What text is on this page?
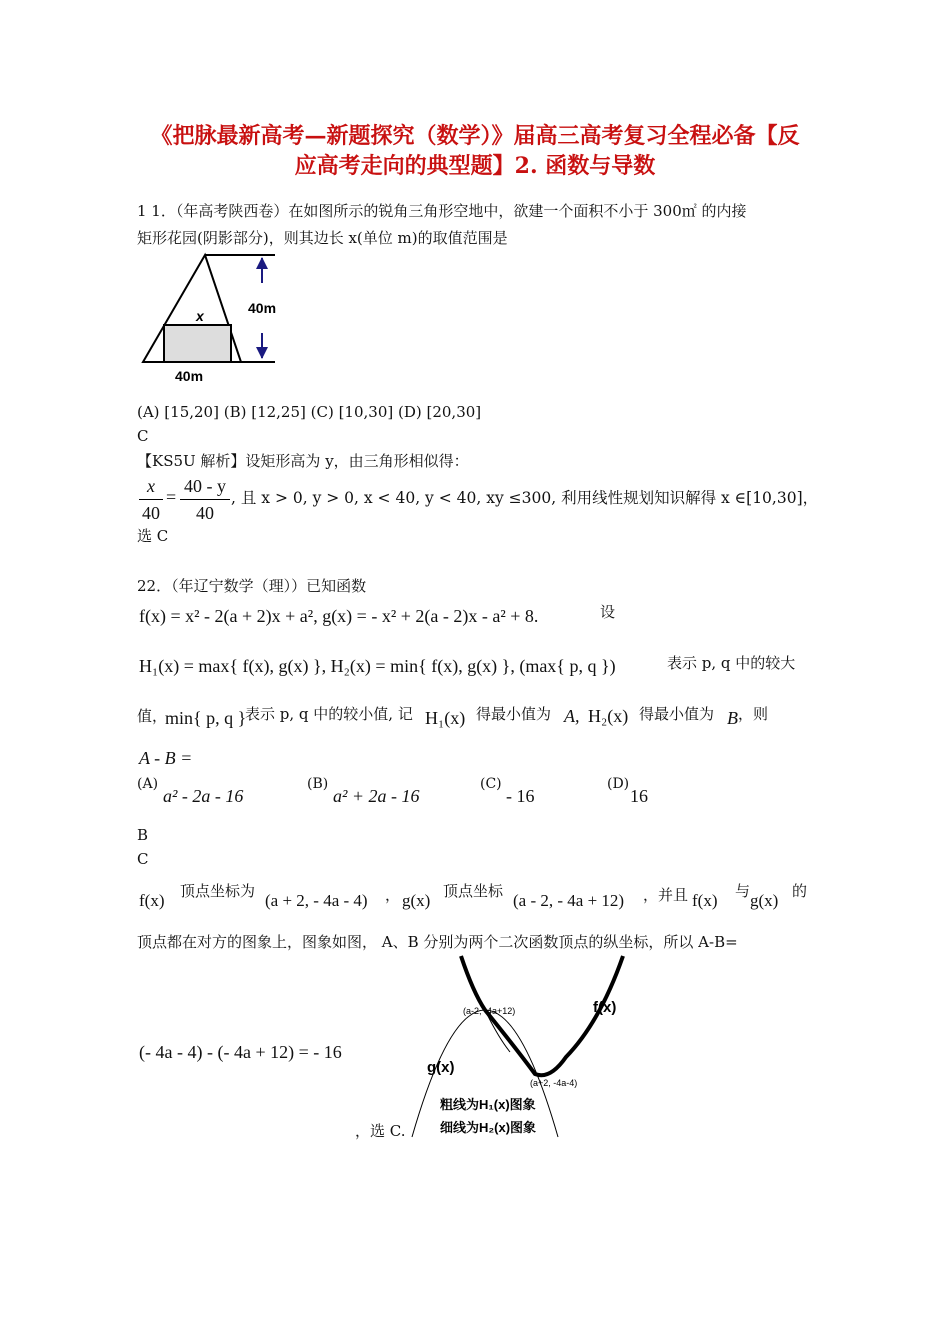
《把脉最新高考—新题探究（数学）》届高三高考复习全程必备【反
应高考走向的典型题】2. 函数与导数
1 1．（年高考陕西卷）在如图所示的锐角三角形空地中，欲建一个面积不小于 300㎡ 的内接
矩形花园(阴影部分)，则其边长 x(单位 m)的取值范围是
x	40m
40m
(A) [15,20] (B) [12,25] (C) [10,30] (D) [20,30]
C
【KS5U 解析】设矩形高为 y，由三角形相似得：
x
40
=
40 - y
40
, 且 x > 0, y > 0, x < 40, y < 40, xy ≤300, 利用线性规划知识解得 x ∈[10,30]，
选 C
22．（年辽宁数学（理））已知函数
f(x) = x² - 2(a + 2)x + a², g(x) = - x² + 2(a - 2)x - a² + 8.	设
H₁(x) = max{ f(x), g(x) }, H₂(x) = min{ f(x), g(x) }, (max{ p, q })	表示 p, q 中的较大
值，
min{ p, q }
表示 p, q 中的较小值, 记 H₁(x) 得最小值为 A, H₂(x) 得最小值为 B ，则
A - B =
(A)
a² - 2a - 16
(B)
a² + 2a - 16
(C)
- 16
(D)
16
B
C
f(x) 顶点坐标为 (a + 2, - 4a - 4) ， g(x) 顶点坐标 (a - 2, - 4a + 12) ，并且 f(x) 与 g(x) 的
顶点都在对方的图象上，图象如图， A、B 分别为两个二次函数顶点的纵坐标，所以 A-B=
(- 4a - 4) - (- 4a + 12) = - 16
，选 C.
(a-2, -4a+12)
(a+2, -4a-4)
f(x)
g(x)
粗线为H₁(x)图象
细线为H₂(x)图象
